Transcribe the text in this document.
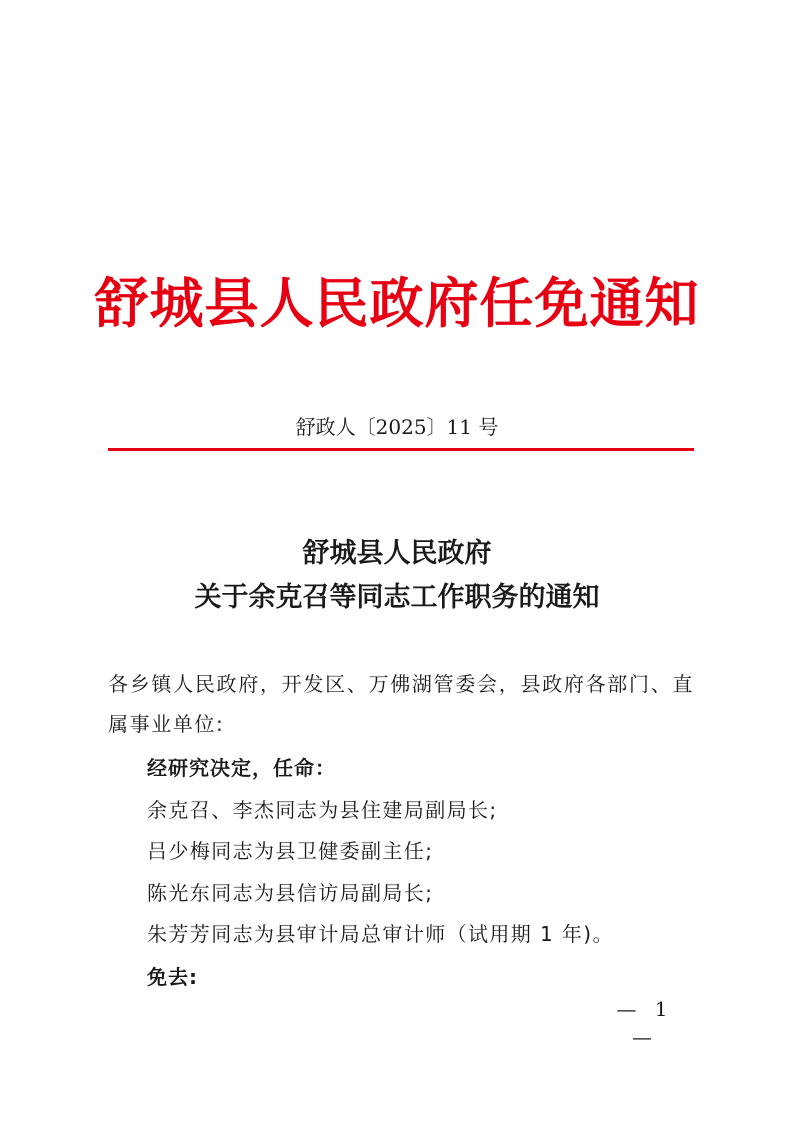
舒城县人民政府任免通知
舒政人〔2025〕11 号
舒城县人民政府
关于余克召等同志工作职务的通知
各乡镇人民政府，开发区、万佛湖管委会，县政府各部门、直属事业单位:
经研究决定，任命：
余克召、李杰同志为县住建局副局长;
吕少梅同志为县卫健委副主任;
陈光东同志为县信访局副局长;
朱芳芳同志为县审计局总审计师（试用期 1 年)。
免去:
— 1 —
